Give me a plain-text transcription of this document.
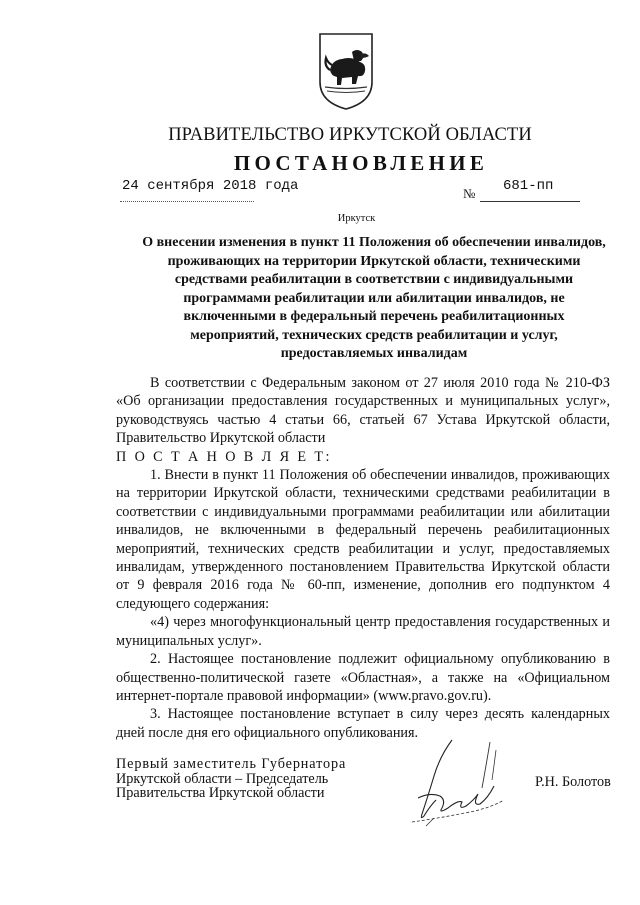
ПРАВИТЕЛЬСТВО ИРКУТСКОЙ ОБЛАСТИ
ПОСТАНОВЛЕНИЕ
24 сентября 2018 года	№ 681-пп
Иркутск
О внесении изменения в пункт 11 Положения об обеспечении инвалидов,
проживающих на территории Иркутской области, техническими
средствами реабилитации в соответствии с индивидуальными
программами реабилитации или абилитации инвалидов, не
включенными в федеральный перечень реабилитационных
мероприятий, технических средств реабилитации и услуг,
предоставляемых инвалидам

В соответствии с Федеральным законом от 27 июля 2010 года № 210-ФЗ «Об организации предоставления государственных и муниципальных услуг», руководствуясь частью 4 статьи 66, статьей 67 Устава Иркутской области, Правительство Иркутской области

П О С Т А Н О В Л Я Е Т:

1. Внести в пункт 11 Положения об обеспечении инвалидов, проживающих на территории Иркутской области, техническими средствами реабилитации в соответствии с индивидуальными программами реабилитации или абилитации инвалидов, не включенными в федеральный перечень реабилитационных мероприятий, технических средств реабилитации и услуг, предоставляемых инвалидам, утвержденного постановлением Правительства Иркутской области от 9 февраля 2016 года № 60-пп, изменение, дополнив его подпунктом 4 следующего содержания:

«4) через многофункциональный центр предоставления государственных и муниципальных услуг».

2. Настоящее постановление подлежит официальному опубликованию в общественно-политической газете «Областная», а также на «Официальном интернет-портале правовой информации» (www.pravo.gov.ru).

3. Настоящее постановление вступает в силу через десять календарных дней после дня его официального опубликования.

Первый заместитель Губернатора
Иркутской области – Председатель
Правительства Иркутской области
Р.Н. Болотов
